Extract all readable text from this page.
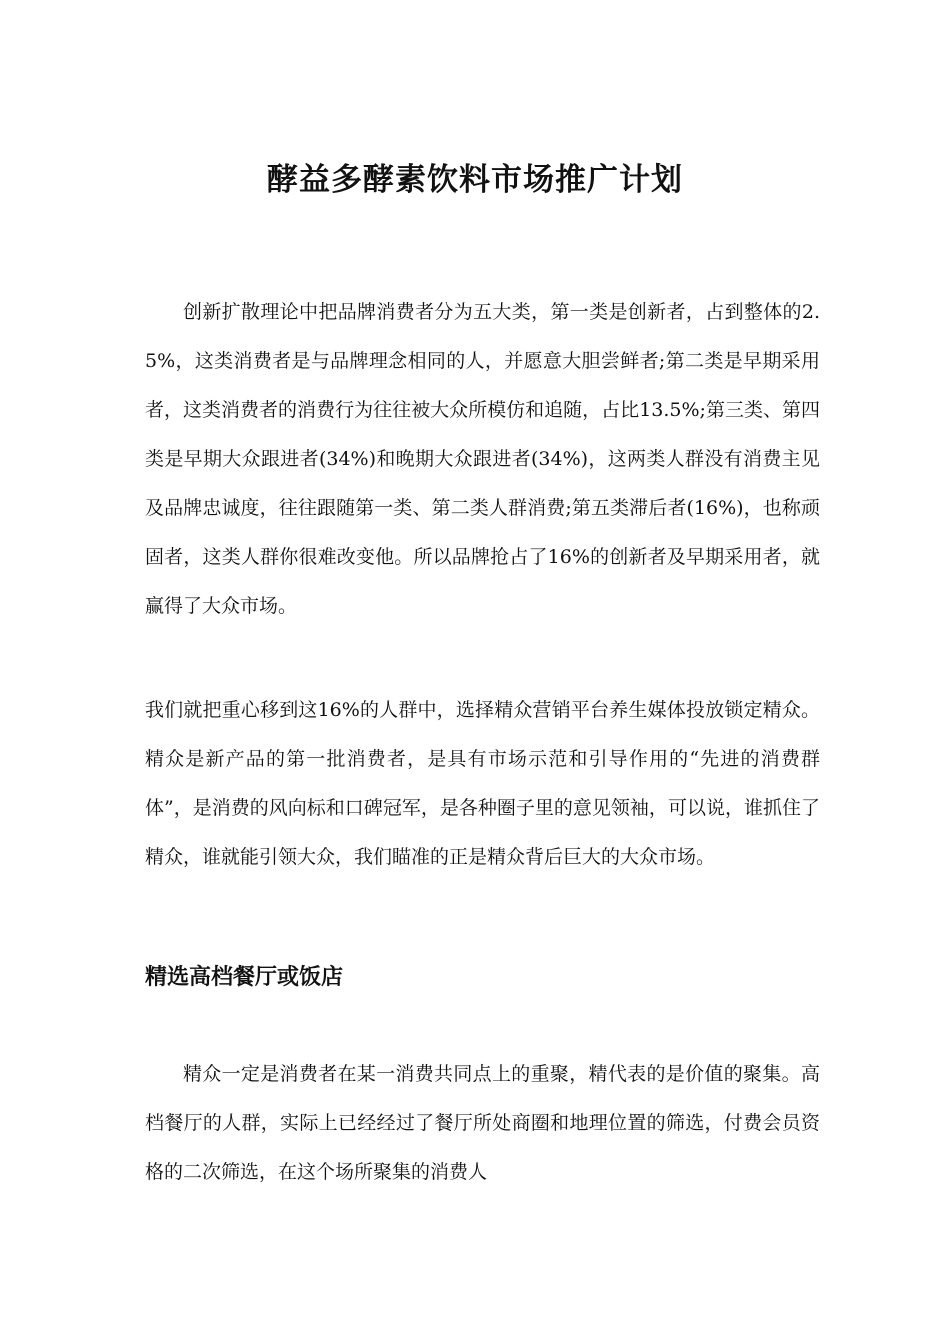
酵益多酵素饮料市场推广计划

创新扩散理论中把品牌消费者分为五大类，第一类是创新者，占到整体的2.5%，这类消费者是与品牌理念相同的人，并愿意大胆尝鲜者;第二类是早期采用者，这类消费者的消费行为往往被大众所模仿和追随，占比13.5%;第三类、第四类是早期大众跟进者(34%)和晚期大众跟进者(34%)，这两类人群没有消费主见及品牌忠诚度，往往跟随第一类、第二类人群消费;第五类滞后者(16%)，也称顽固者，这类人群你很难改变他。所以品牌抢占了16%的创新者及早期采用者，就赢得了大众市场。

我们就把重心移到这16%的人群中，选择精众营销平台养生媒体投放锁定精众。精众是新产品的第一批消费者，是具有市场示范和引导作用的“先进的消费群体”，是消费的风向标和口碑冠军，是各种圈子里的意见领袖，可以说，谁抓住了精众，谁就能引领大众，我们瞄准的正是精众背后巨大的大众市场。

精选高档餐厅或饭店

精众一定是消费者在某一消费共同点上的重聚，精代表的是价值的聚集。高档餐厅的人群，实际上已经经过了餐厅所处商圈和地理位置的筛选，付费会员资格的二次筛选，在这个场所聚集的消费人
